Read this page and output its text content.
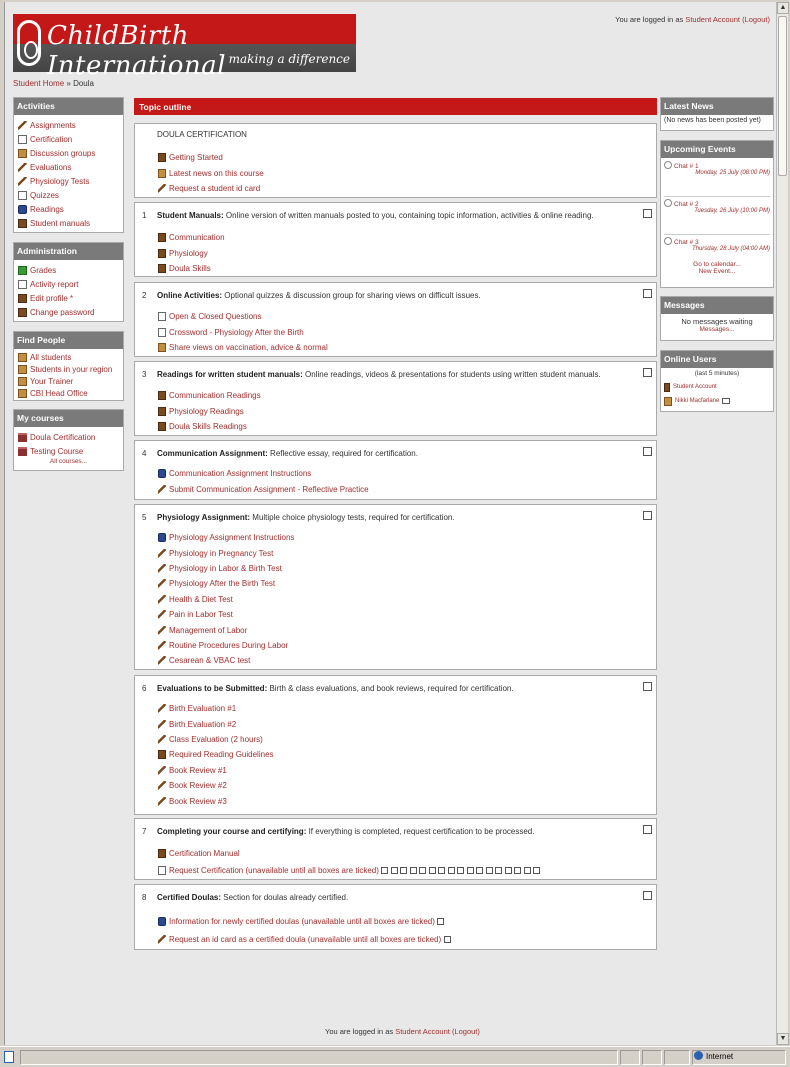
ChildBirth International making a difference
You are logged in as Student Account (Logout)
Student Home » Doula
Activities
Assignments
Certification
Discussion groups
Evaluations
Physiology Tests
Quizzes
Readings
Student manuals
Administration
Grades
Activity report
Edit profile *
Change password
Find People
All students
Students in your region
Your Trainer
CBI Head Office
My courses
Doula Certification
Testing Course
All courses...
Topic outline
DOULA CERTIFICATION
Getting Started
Latest news on this course
Request a student id card
1 Student Manuals: Online version of written manuals posted to you, containing topic information, activities & online reading.
Communication
Physiology
Doula Skills
2 Online Activities: Optional quizzes & discussion group for sharing views on difficult issues.
Open & Closed Questions
Crossword - Physiology After the Birth
Share views on vaccination, advice & normal
3 Readings for written student manuals: Online readings, videos & presentations for students using written student manuals.
Communication Readings
Physiology Readings
Doula Skills Readings
4 Communication Assignment: Reflective essay, required for certification.
Communication Assignment Instructions
Submit Communication Assignment - Reflective Practice
5 Physiology Assignment: Multiple choice physiology tests, required for certification.
Physiology Assignment Instructions
Physiology in Pregnancy Test
Physiology in Labor & Birth Test
Physiology After the Birth Test
Health & Diet Test
Pain in Labor Test
Management of Labor
Routine Procedures During Labor
Cesarean & VBAC test
6 Evaluations to be Submitted: Birth & class evaluations, and book reviews, required for certification.
Birth Evaluation #1
Birth Evaluation #2
Class Evaluation (2 hours)
Required Reading Guidelines
Book Review #1
Book Review #2
Book Review #3
7 Completing your course and certifying: If everything is completed, request certification to be processed.
Certification Manual
Request Certification (unavailable until all boxes are ticked)
8 Certified Doulas: Section for doulas already certified.
Information for newly certified doulas (unavailable until all boxes are ticked)
Request an id card as a certified doula (unavailable until all boxes are ticked)
Latest News
(No news has been posted yet)
Upcoming Events
Chat # 1
Monday, 25 July (08:00 PM)
Chat # 2
Tuesday, 26 July (10:00 PM)
Chat # 3
Thursday, 28 July (04:00 AM)
Go to calendar...
New Event...
Messages
No messages waiting
Messages...
Online Users
(last 5 minutes)
Student Account
Nikki Macfarlane
You are logged in as Student Account (Logout)
▲
▼
Internet
